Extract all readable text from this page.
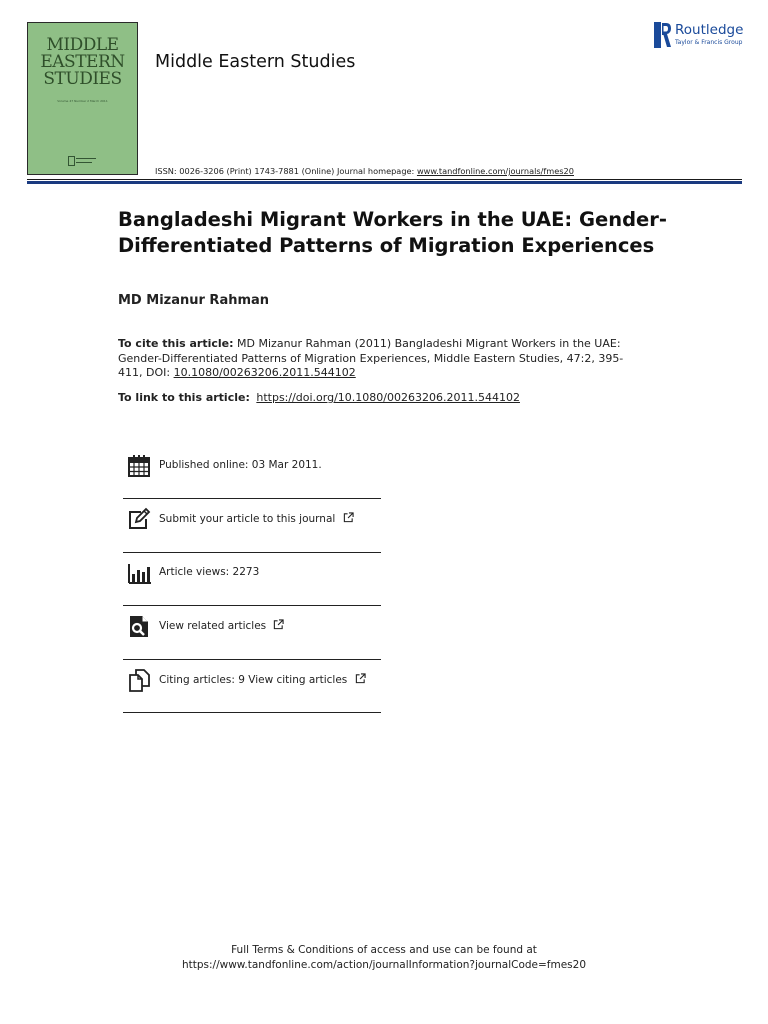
MIDDLE
EASTERN
STUDIES
Volume 47 Number 2 March 2011
Middle Eastern Studies
Routledge
Taylor & Francis Group
ISSN: 0026-3206 (Print) 1743-7881 (Online) Journal homepage: www.tandfonline.com/journals/fmes20
Bangladeshi Migrant Workers in the UAE: Gender-Differentiated Patterns of Migration Experiences
MD Mizanur Rahman
To cite this article: MD Mizanur Rahman (2011) Bangladeshi Migrant Workers in the UAE: Gender-Differentiated Patterns of Migration Experiences, Middle Eastern Studies, 47:2, 395-411, DOI: 10.1080/00263206.2011.544102
To link to this article: https://doi.org/10.1080/00263206.2011.544102
Published online: 03 Mar 2011.
Submit your article to this journal
Article views: 2273
View related articles
Citing articles: 9 View citing articles
Full Terms & Conditions of access and use can be found at
https://www.tandfonline.com/action/journalInformation?journalCode=fmes20
